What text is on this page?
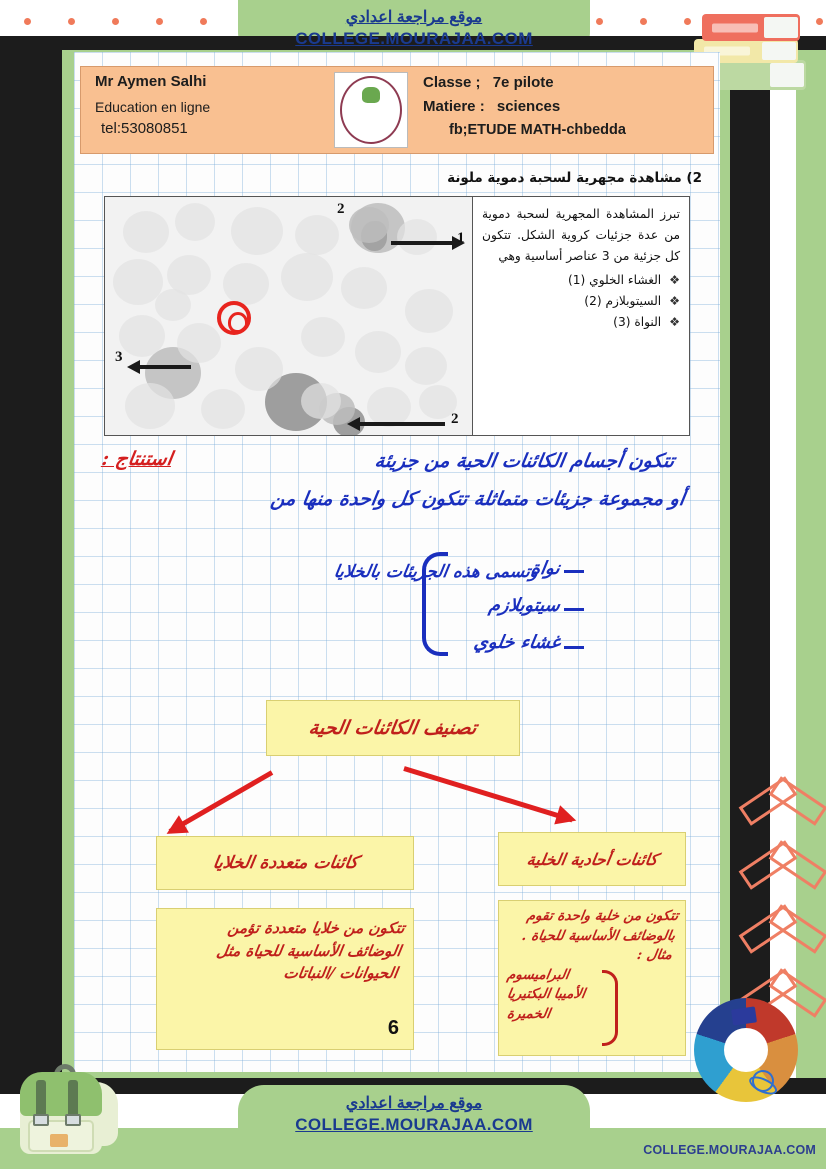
موقع مراجعة اعدادي
COLLEGE.MOURAJAA.COM
Mr Aymen Salhi
Education en ligne
tel:53080851
Classe ; 7e pilote
Matiere : sciences
fb;ETUDE MATH-chbedda
2) مشاهدة مجهرية لسحبة دموية ملونة
2
1
3
2
تبرز المشاهدة المجهرية لسحبة دموية من عدة جزئيات كروية الشكل. تتكون كل جزئية من 3 عناصر أساسية وهي
❖ الغشاء الخلوي (1)
❖ السيتوبلازم (2)
❖ النواة (3)
استنتاج :	تتكون أجسام الكائنات الحية من جزيئة
أو مجموعة جزيئات متماثلة تتكون كل واحدة منها من
نواة
سيتوبلازم
غشاء خلوي
وتسمى هذه الجزيئات بالخلايا
تصنيف الكائنات الحية
كائنات متعددة الخلايا	كائنات أحادية الخلية
تتكون من خلايا متعددة تؤمن الوضائف الأساسية للحياة مثل الحيوانات /النباتات
6
تتكون من خلية واحدة تقوم بالوضائف الأساسية للحياة . مثال :
البراميسوم
الأميبا
البكتيريا
الخميرة
موقع مراجعة اعدادي
COLLEGE.MOURAJAA.COM
COLLEGE.MOURAJAA.COM
